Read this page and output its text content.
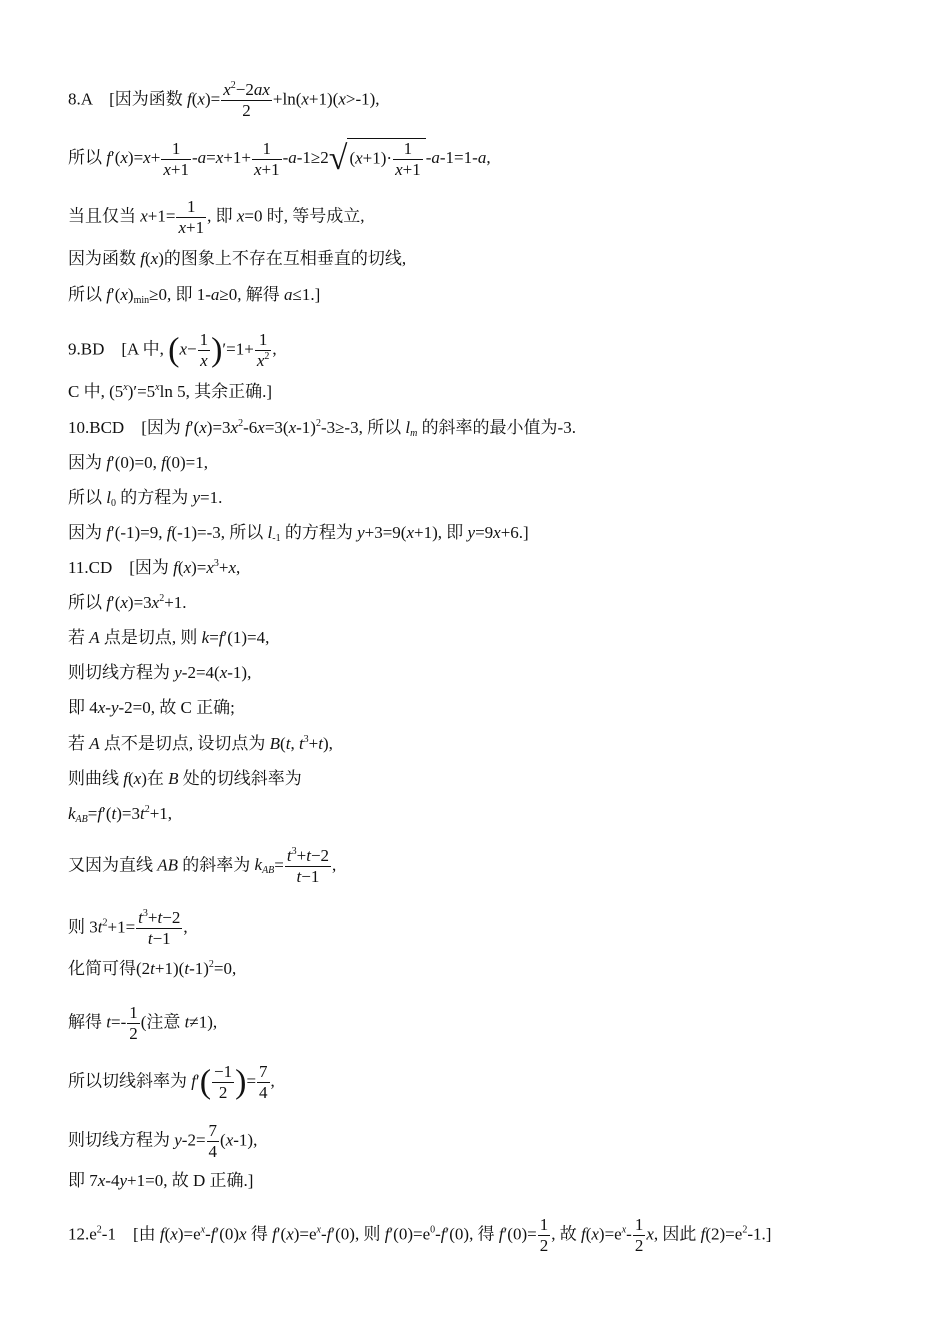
8.A　[因为函数 $f(x)= \frac{x^2-2ax}{2} +\ln(x+1)(x>-1)$,
所以 $f'(x)=x+ \frac{1}{x+1} -a=x+1+ \frac{1}{x+1} -a-1\ge 2√$ $(x+1)\cdot \frac{1}{x+1} -a-1=1-a$,
当且仅当 $x+1= \frac{1}{x+1}$ , 即 x=0 时, 等号成立,
因为函数 f(x)的图象上不存在互相垂直的切线,
所以 $f'(x)_{min}\ge 0$, 即 1-a≥0, 解得 a≤1.]
9.BD　[A 中, $(x- \frac{1}{x} )'=1+ \frac{1}{x^2}$ ,
C 中, $(5^x)'=5^x\ln$ 5, 其余正确.]
10.BCD　[因为 $f'(x)=3x^2-6x=3(x-1)^2-3\ge-3$, 所以 $l_m$ 的斜率的最小值为-3.
因为 f′(0)=0, f(0)=1,
所以 $l_0$ 的方程为 y=1.
因为 f′(-1)=9, f(-1)=-3, 所以 $l_{-1}$ 的方程为 y+3=9(x+1), 即 y=9x+6.]
11.CD　[因为 $f(x)=x^3+x$,
所以 $f'(x)=3x^2+1$.
若 A 点是切点, 则 k=f′(1)=4,
则切线方程为 y-2=4(x-1),
即 4x-y-2=0, 故 C 正确;
若 A 点不是切点, 设切点为 B(t, $t^3+t$),
则曲线 f(x)在 B 处的切线斜率为
$k_{AB}=f'(t)=3t^2+1$,
又因为直线 AB 的斜率为 $k_{AB}= \frac{t^3+t-2}{t-1}$ ,
则 $3t^2+1= \frac{t^3+t-2}{t-1}$ ,
化简可得$(2t+1)(t-1)^2=0$,
解得 $t=- \frac{1}{2}$ (注意 t≠1),
所以切线斜率为 $f'( \frac{-1}{2}$ )= $\frac{7}{4}$ ,
则切线方程为 $y-2= \frac{7}{4} (x-1)$,
即 7x-4y+1=0, 故 D 正确.]
$12.e^2-1$　[由 $f(x)=e^x-f'(0)x$ 得 $f'(x)=e^x-f'(0)$, 则 $f'(0)=e^0-f'(0)$, 得 $f'(0)= \frac{1}{2}$ , 故 $f(x)=e^x- \frac{1}{2} x$, 因此 $f(2)=e^2-1$.]
